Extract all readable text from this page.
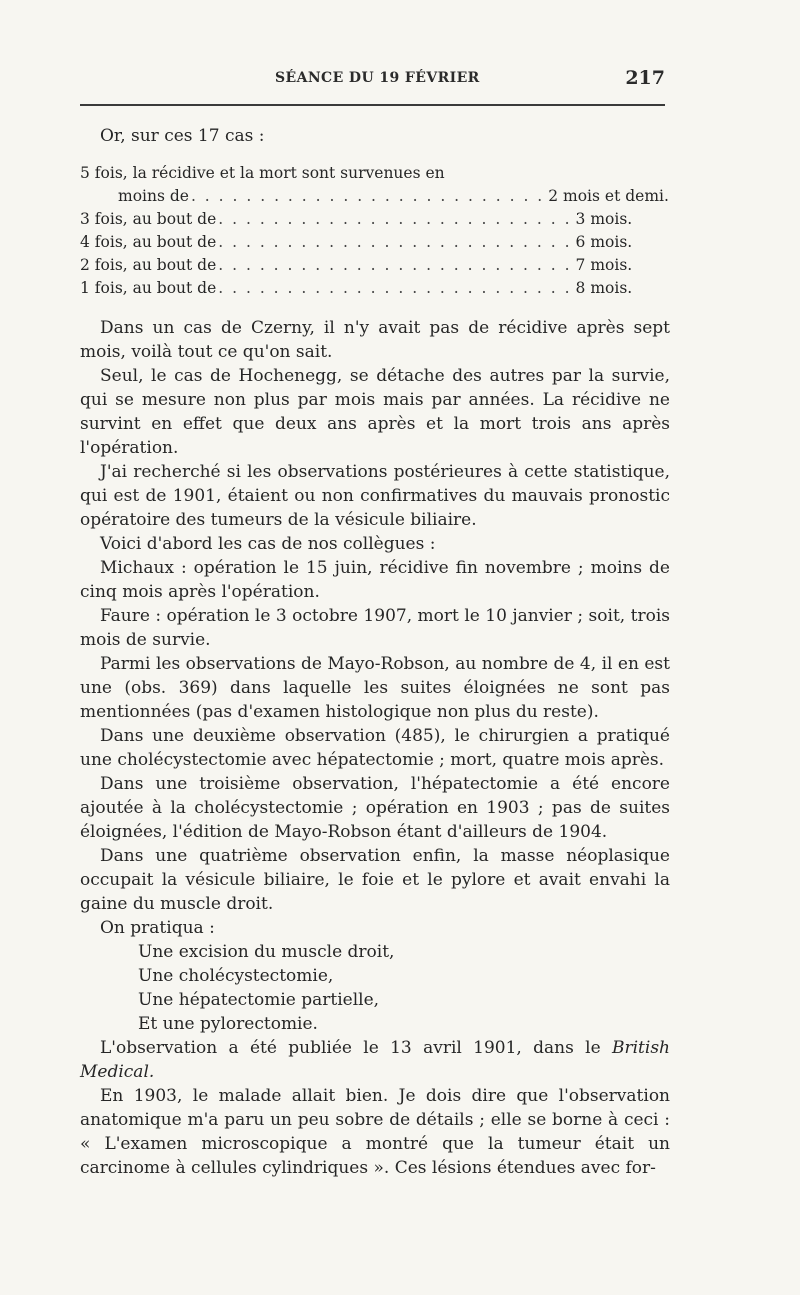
SÉANCE DU 19 FÉVRIER	217

Or, sur ces 17 cas :

5 fois, la récidive et la mort sont survenues en
moins de . . . . . . . . . . . . . . . . . . . . . . . . . . 2 mois et demi.
3 fois, au bout de . . . . . . . . . . . . . . . . . . . . . . . . . . 3 mois.
4 fois, au bout de . . . . . . . . . . . . . . . . . . . . . . . . . . 6 mois.
2 fois, au bout de . . . . . . . . . . . . . . . . . . . . . . . . . . 7 mois.
1 fois, au bout de . . . . . . . . . . . . . . . . . . . . . . . . . . 8 mois.

Dans un cas de Czerny, il n'y avait pas de récidive après sept mois, voilà tout ce qu'on sait.

Seul, le cas de Hochenegg, se détache des autres par la survie, qui se mesure non plus par mois mais par années. La récidive ne survint en effet que deux ans après et la mort trois ans après l'opération.

J'ai recherché si les observations postérieures à cette statistique, qui est de 1901, étaient ou non confirmatives du mauvais pronostic opératoire des tumeurs de la vésicule biliaire.

Voici d'abord les cas de nos collègues :

Michaux : opération le 15 juin, récidive fin novembre ; moins de cinq mois après l'opération.

Faure : opération le 3 octobre 1907, mort le 10 janvier ; soit, trois mois de survie.

Parmi les observations de Mayo-Robson, au nombre de 4, il en est une (obs. 369) dans laquelle les suites éloignées ne sont pas mentionnées (pas d'examen histologique non plus du reste).

Dans une deuxième observation (485), le chirurgien a pratiqué une cholécystectomie avec hépatectomie ; mort, quatre mois après.

Dans une troisième observation, l'hépatectomie a été encore ajoutée à la cholécystectomie ; opération en 1903 ; pas de suites éloignées, l'édition de Mayo-Robson étant d'ailleurs de 1904.

Dans une quatrième observation enfin, la masse néoplasique occupait la vésicule biliaire, le foie et le pylore et avait envahi la gaine du muscle droit.

On pratiqua :

Une excision du muscle droit,
Une cholécystectomie,
Une hépatectomie partielle,
Et une pylorectomie.

L'observation a été publiée le 13 avril 1901, dans le British Medical.

En 1903, le malade allait bien. Je dois dire que l'observation anatomique m'a paru un peu sobre de détails ; elle se borne à ceci : « L'examen microscopique a montré que la tumeur était un carcinome à cellules cylindriques ». Ces lésions étendues avec for-
